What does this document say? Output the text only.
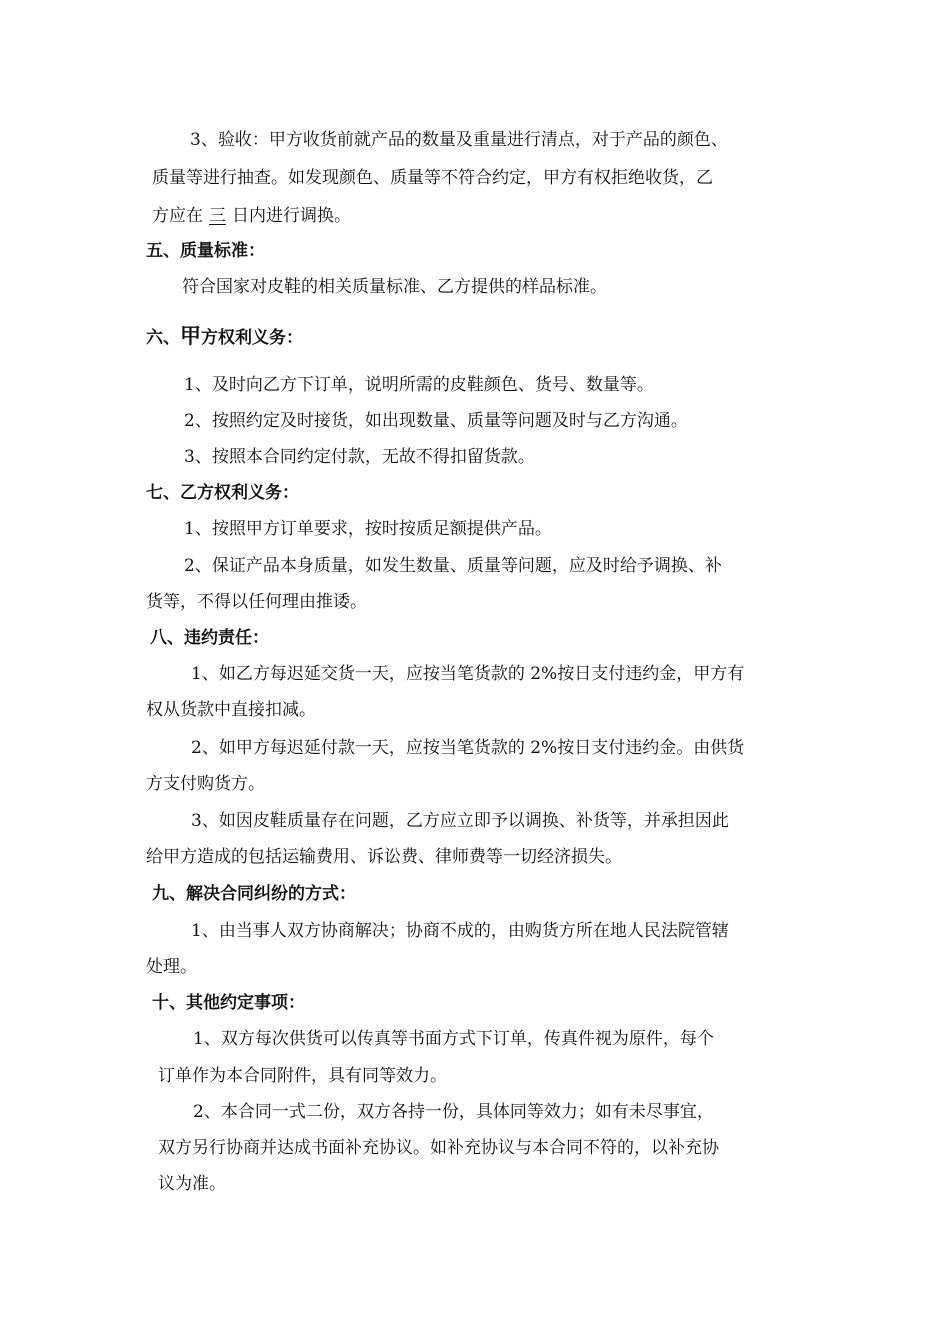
3、验收：甲方收货前就产品的数量及重量进行清点，对于产品的颜色、
质量等进行抽查。如发现颜色、质量等不符合约定，甲方有权拒绝收货，乙
方应在 三 日内进行调换。
五、质量标准：
符合国家对皮鞋的相关质量标准、乙方提供的样品标准。
六、甲方权利义务：
1、及时向乙方下订单，说明所需的皮鞋颜色、货号、数量等。
2、按照约定及时接货，如出现数量、质量等问题及时与乙方沟通。
3、按照本合同约定付款，无故不得扣留货款。
七、乙方权利义务：
1、按照甲方订单要求，按时按质足额提供产品。
2、保证产品本身质量，如发生数量、质量等问题，应及时给予调换、补
货等，不得以任何理由推诿。
八、违约责任：
1、如乙方每迟延交货一天，应按当笔货款的 2%按日支付违约金，甲方有
权从货款中直接扣减。
2、如甲方每迟延付款一天，应按当笔货款的 2%按日支付违约金。由供货
方支付购货方。
3、如因皮鞋质量存在问题，乙方应立即予以调换、补货等，并承担因此
给甲方造成的包括运输费用、诉讼费、律师费等一切经济损失。
九、解决合同纠纷的方式：
1、由当事人双方协商解决；协商不成的，由购货方所在地人民法院管辖
处理。
十、其他约定事项：
1、双方每次供货可以传真等书面方式下订单，传真件视为原件，每个
订单作为本合同附件，具有同等效力。
2、本合同一式二份，双方各持一份，具体同等效力；如有未尽事宜，
双方另行协商并达成书面补充协议。如补充协议与本合同不符的，以补充协
议为准。
